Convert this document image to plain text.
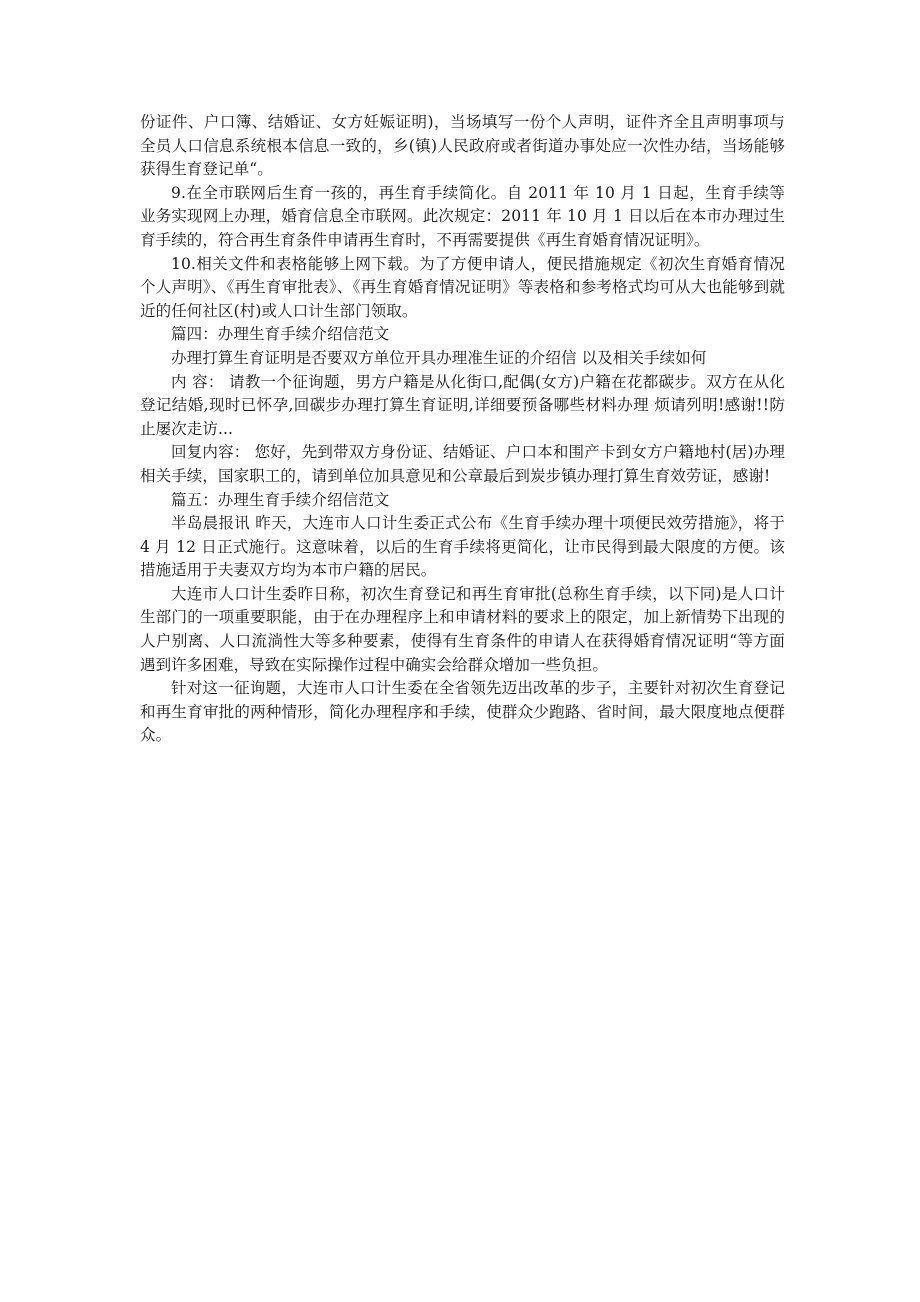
份证件、户口簿、结婚证、女方妊娠证明)，当场填写一份个人声明，证件齐全且声明事项与全员人口信息系统根本信息一致的，乡(镇)人民政府或者街道办事处应一次性办结，当场能够获得生育登记单“。

9.在全市联网后生育一孩的，再生育手续简化。自 2011 年 10 月 1 日起，生育手续等业务实现网上办理，婚育信息全市联网。此次规定：2011 年 10 月 1 日以后在本市办理过生育手续的，符合再生育条件申请再生育时，不再需要提供《再生育婚育情况证明》。

10.相关文件和表格能够上网下载。为了方便申请人，便民措施规定《初次生育婚育情况个人声明》、《再生育审批表》、《再生育婚育情况证明》等表格和参考格式均可从大也能够到就近的任何社区(村)或人口计生部门领取。

篇四：办理生育手续介绍信范文

办理打算生育证明是否要双方单位开具办理准生证的介绍信 以及相关手续如何

内 容： 请教一个征询题，男方户籍是从化街口,配偶(女方)户籍在花都碳步。双方在从化登记结婚,现时已怀孕,回碳步办理打算生育证明,详细要预备哪些材料办理 烦请列明!感谢!!防止屡次走访...

回复内容： 您好，先到带双方身份证、结婚证、户口本和围产卡到女方户籍地村(居)办理相关手续，国家职工的，请到单位加具意见和公章最后到炭步镇办理打算生育效劳证，感谢!

篇五：办理生育手续介绍信范文

半岛晨报讯 昨天，大连市人口计生委正式公布《生育手续办理十项便民效劳措施》，将于 4 月 12 日正式施行。这意味着，以后的生育手续将更简化，让市民得到最大限度的方便。该措施适用于夫妻双方均为本市户籍的居民。

大连市人口计生委昨日称，初次生育登记和再生育审批(总称生育手续，以下同)是人口计生部门的一项重要职能，由于在办理程序上和申请材料的要求上的限定，加上新情势下出现的人户别离、人口流淌性大等多种要素，使得有生育条件的申请人在获得婚育情况证明“等方面遇到许多困难，导致在实际操作过程中确实会给群众增加一些负担。

针对这一征询题，大连市人口计生委在全省领先迈出改革的步子，主要针对初次生育登记和再生育审批的两种情形，简化办理程序和手续，使群众少跑路、省时间，最大限度地点便群众。
